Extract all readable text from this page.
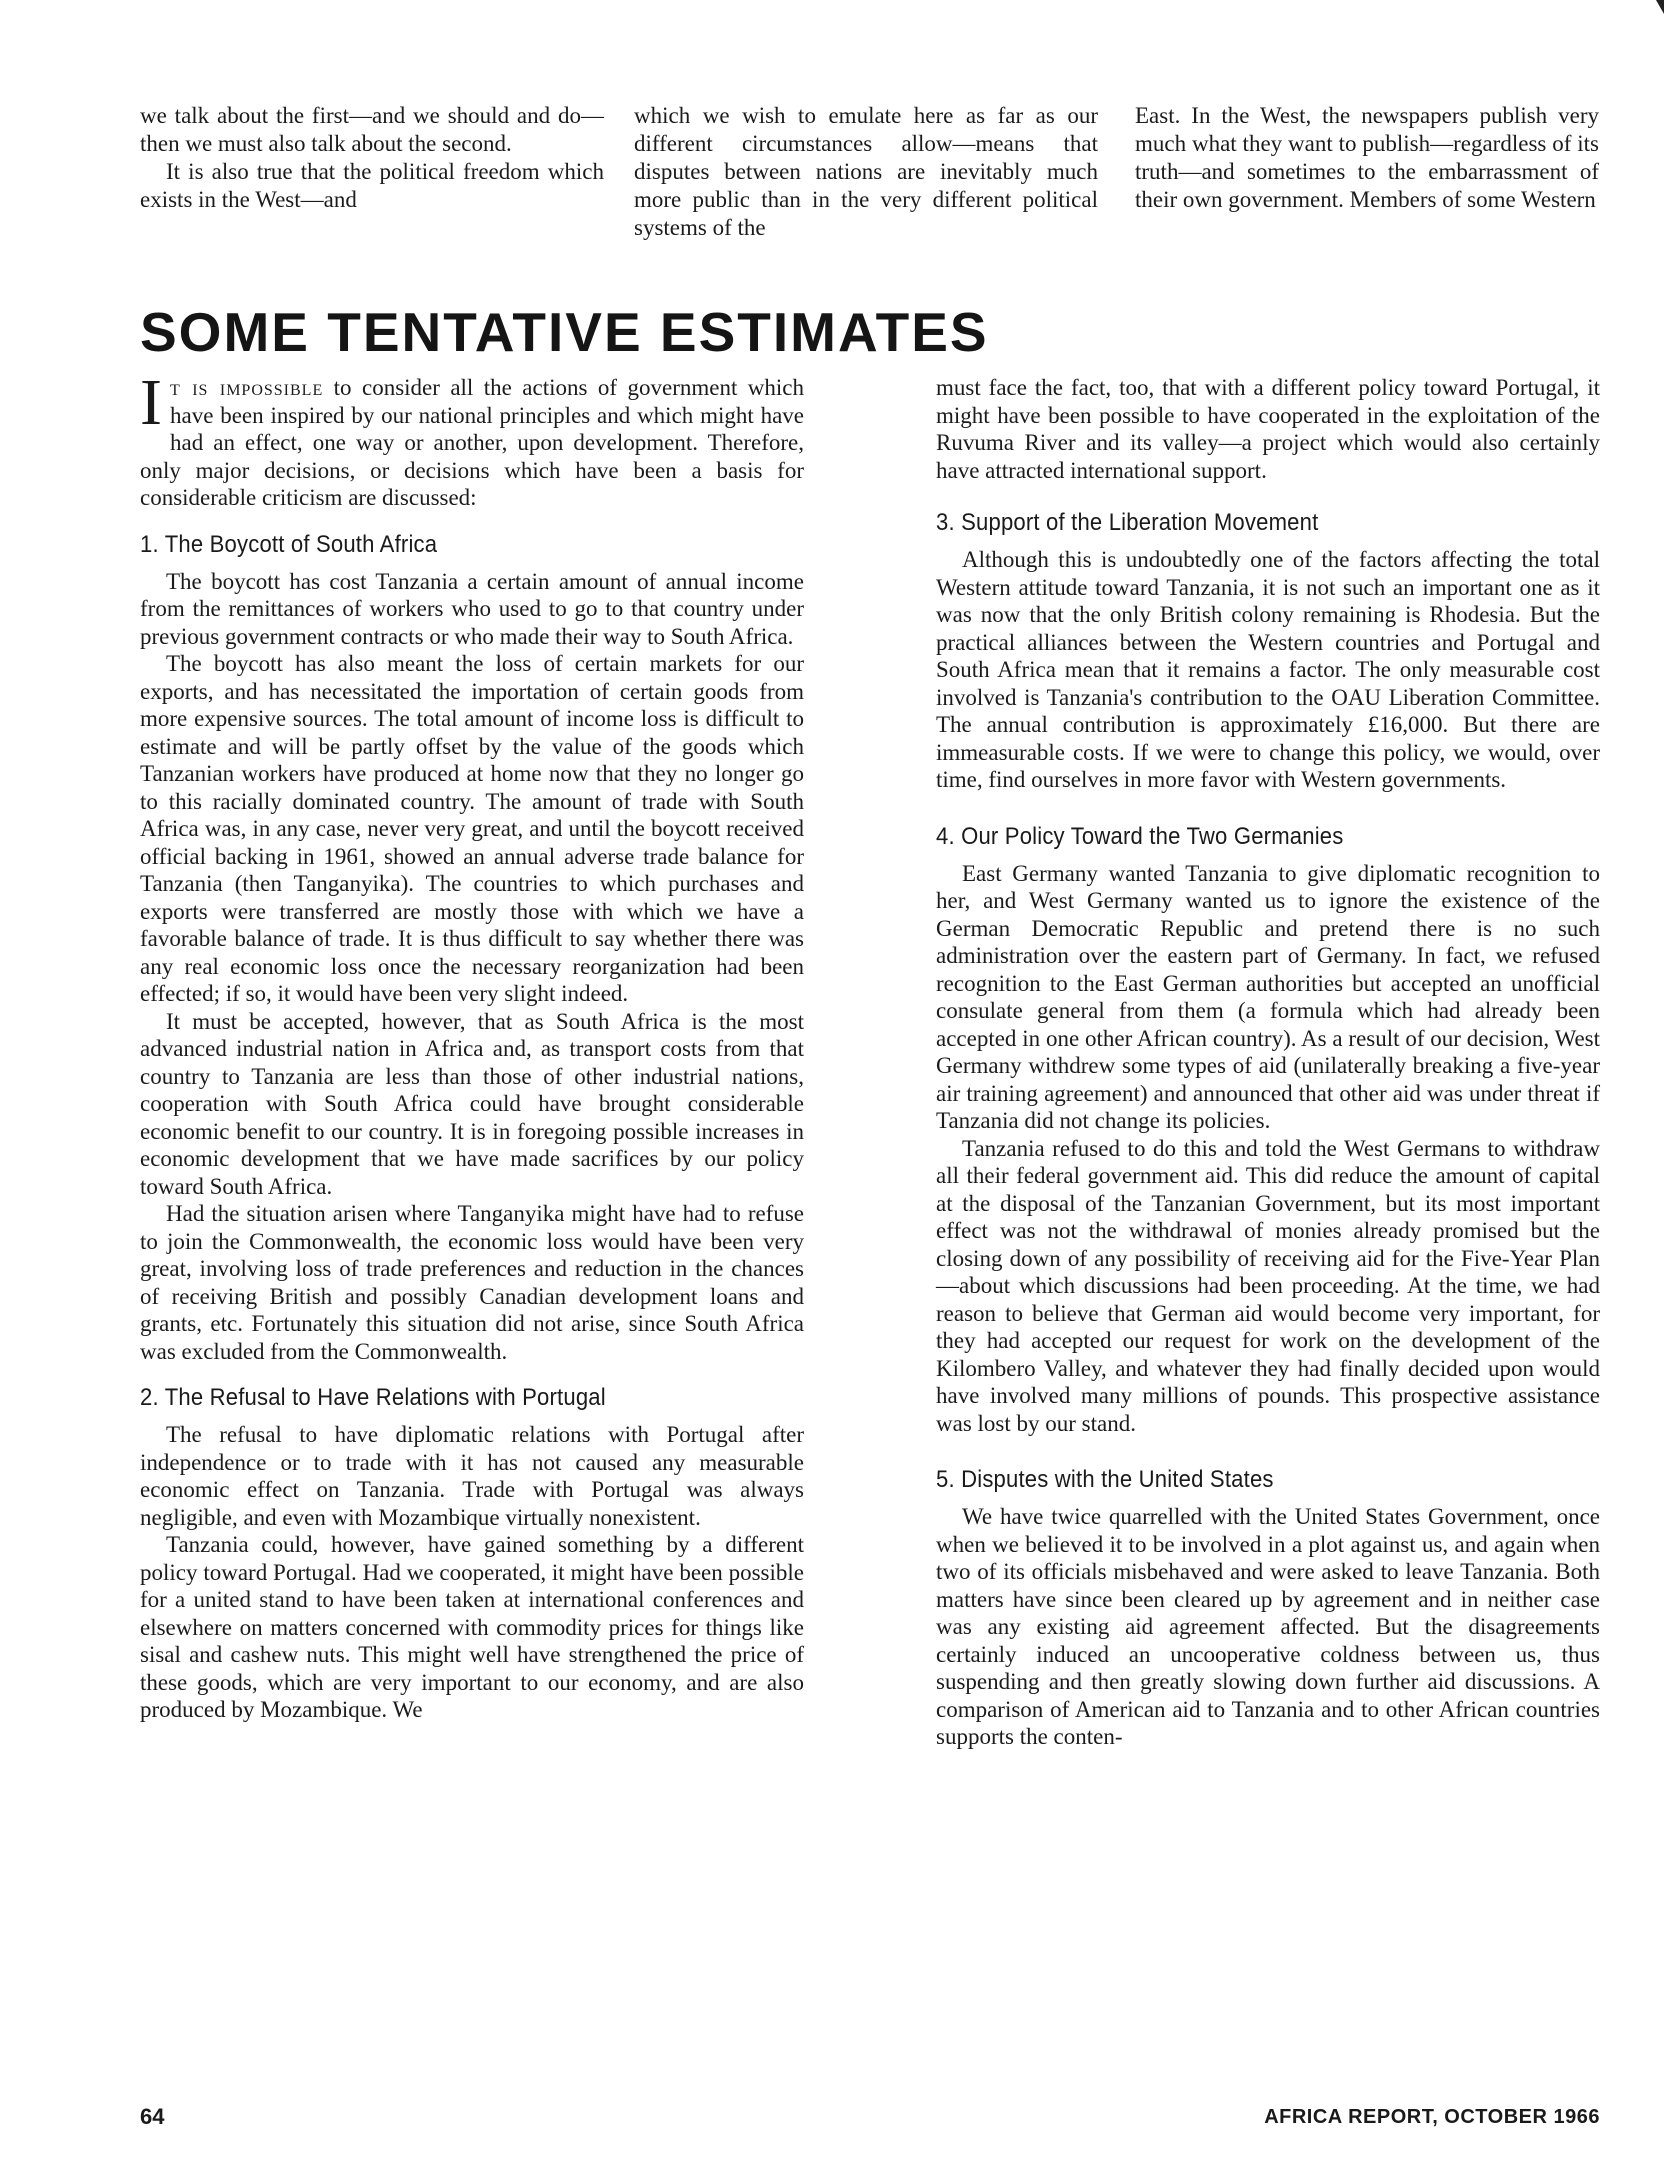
we talk about the first—and we should and do—then we must also talk about the second.

It is also true that the political freedom which exists in the West—and

which we wish to emulate here as far as our different circumstances allow—means that disputes between nations are inevitably much more public than in the very different political systems of the

East. In the West, the newspapers publish very much what they want to publish—regardless of its truth—and sometimes to the embarrassment of their own government. Members of some Western

SOME TENTATIVE ESTIMATES
I t is impossible to consider all the actions of government which have been inspired by our national principles and which might have had an effect, one way or another, upon development. Therefore, only major decisions, or decisions which have been a basis for considerable criticism are discussed:

1. The Boycott of South Africa

The boycott has cost Tanzania a certain amount of annual income from the remittances of workers who used to go to that country under previous government contracts or who made their way to South Africa.

The boycott has also meant the loss of certain markets for our exports, and has necessitated the importation of certain goods from more expensive sources. The total amount of income loss is difficult to estimate and will be partly offset by the value of the goods which Tanzanian workers have produced at home now that they no longer go to this racially dominated country. The amount of trade with South Africa was, in any case, never very great, and until the boycott received official backing in 1961, showed an annual adverse trade balance for Tanzania (then Tanganyika). The countries to which purchases and exports were transferred are mostly those with which we have a favorable balance of trade. It is thus difficult to say whether there was any real economic loss once the necessary reorganization had been effected; if so, it would have been very slight indeed.

It must be accepted, however, that as South Africa is the most advanced industrial nation in Africa and, as transport costs from that country to Tanzania are less than those of other industrial nations, cooperation with South Africa could have brought considerable economic benefit to our country. It is in foregoing possible increases in economic development that we have made sacrifices by our policy toward South Africa.

Had the situation arisen where Tanganyika might have had to refuse to join the Commonwealth, the economic loss would have been very great, involving loss of trade preferences and reduction in the chances of receiving British and possibly Canadian development loans and grants, etc. Fortunately this situation did not arise, since South Africa was excluded from the Commonwealth.

2. The Refusal to Have Relations with Portugal

The refusal to have diplomatic relations with Portugal after independence or to trade with it has not caused any measurable economic effect on Tanzania. Trade with Portugal was always negligible, and even with Mozambique virtually nonexistent.

Tanzania could, however, have gained something by a different policy toward Portugal. Had we cooperated, it might have been possible for a united stand to have been taken at international conferences and elsewhere on matters concerned with commodity prices for things like sisal and cashew nuts. This might well have strengthened the price of these goods, which are very important to our economy, and are also produced by Mozambique. We

must face the fact, too, that with a different policy toward Portugal, it might have been possible to have cooperated in the exploitation of the Ruvuma River and its valley—a project which would also certainly have attracted international support.

3. Support of the Liberation Movement

Although this is undoubtedly one of the factors affecting the total Western attitude toward Tanzania, it is not such an important one as it was now that the only British colony remaining is Rhodesia. But the practical alliances between the Western countries and Portugal and South Africa mean that it remains a factor. The only measurable cost involved is Tanzania's contribution to the OAU Liberation Committee. The annual contribution is approximately £16,000. But there are immeasurable costs. If we were to change this policy, we would, over time, find ourselves in more favor with Western governments.

4. Our Policy Toward the Two Germanies

East Germany wanted Tanzania to give diplomatic recognition to her, and West Germany wanted us to ignore the existence of the German Democratic Republic and pretend there is no such administration over the eastern part of Germany. In fact, we refused recognition to the East German authorities but accepted an unofficial consulate general from them (a formula which had already been accepted in one other African country). As a result of our decision, West Germany withdrew some types of aid (unilaterally breaking a five-year air training agreement) and announced that other aid was under threat if Tanzania did not change its policies.

Tanzania refused to do this and told the West Germans to withdraw all their federal government aid. This did reduce the amount of capital at the disposal of the Tanzanian Government, but its most important effect was not the withdrawal of monies already promised but the closing down of any possibility of receiving aid for the Five-Year Plan—about which discussions had been proceeding. At the time, we had reason to believe that German aid would become very important, for they had accepted our request for work on the development of the Kilombero Valley, and whatever they had finally decided upon would have involved many millions of pounds. This prospective assistance was lost by our stand.

5. Disputes with the United States

We have twice quarrelled with the United States Government, once when we believed it to be involved in a plot against us, and again when two of its officials misbehaved and were asked to leave Tanzania. Both matters have since been cleared up by agreement and in neither case was any existing aid agreement affected. But the disagreements certainly induced an uncooperative coldness between us, thus suspending and then greatly slowing down further aid discussions. A comparison of American aid to Tanzania and to other African countries supports the conten-

64	AFRICA REPORT, OCTOBER 1966
